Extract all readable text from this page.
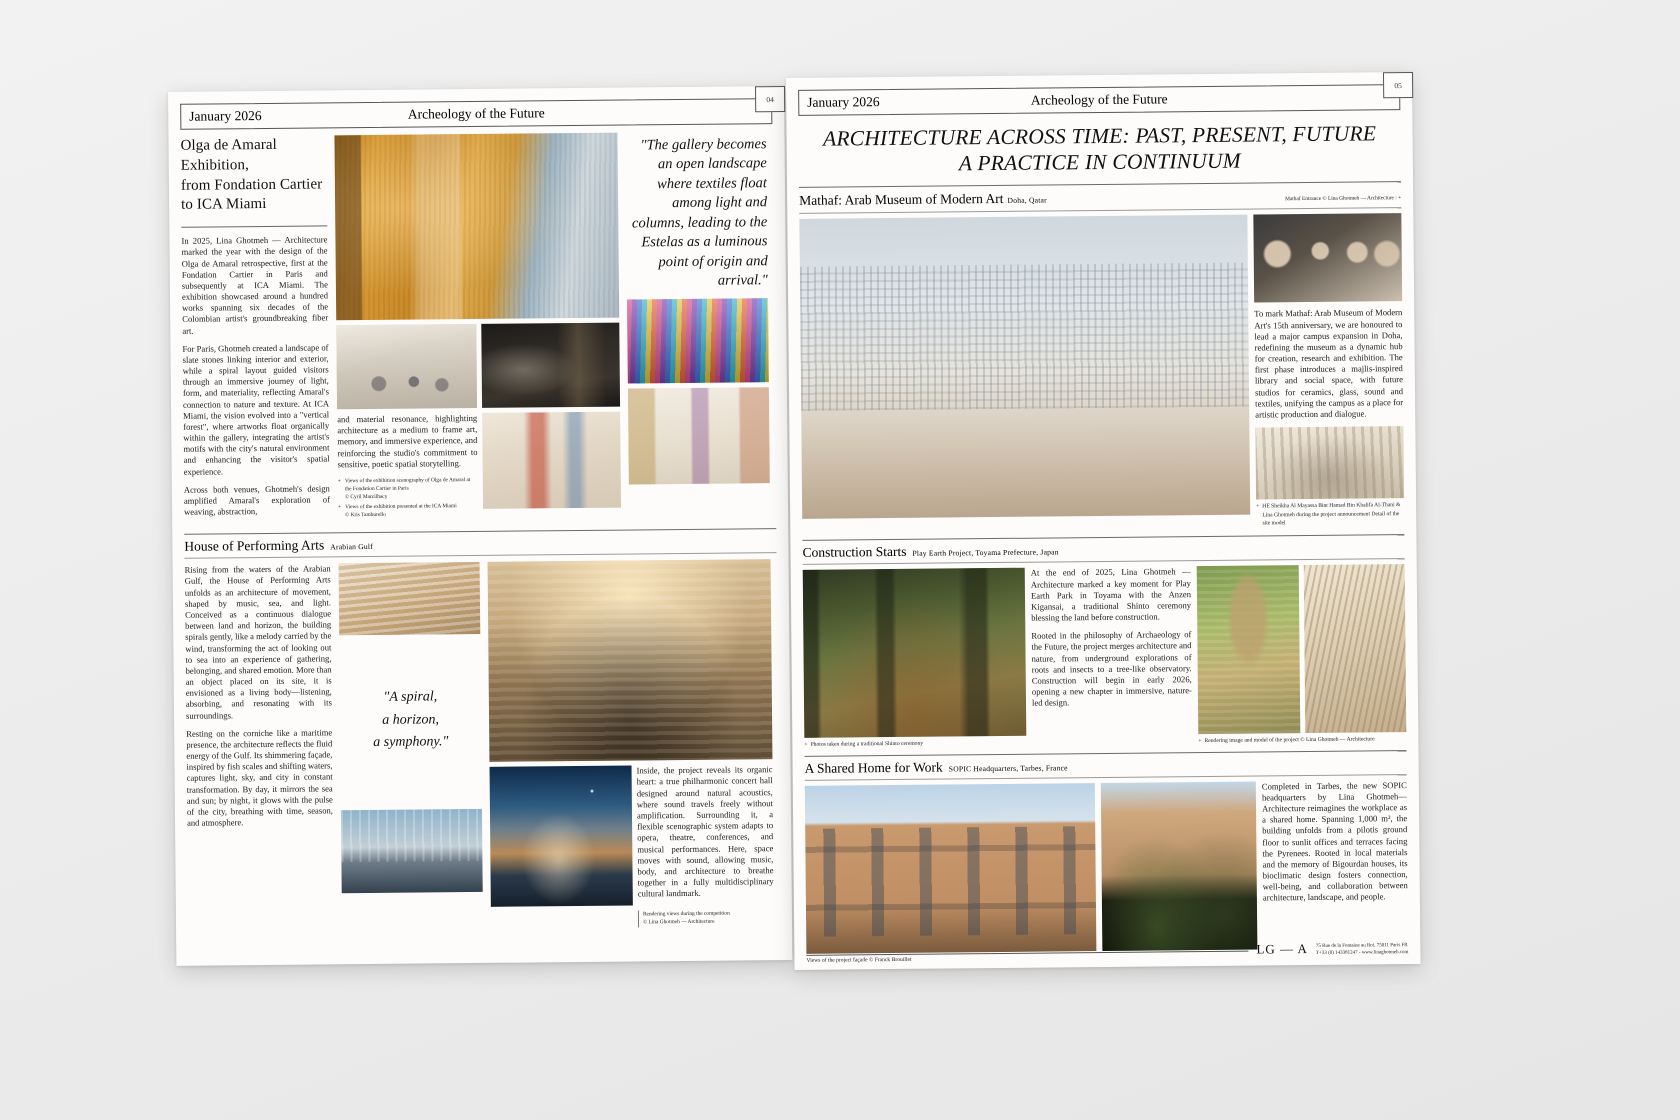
January 2026	Archeology of the Future
04
Olga de Amaral
Exhibition,
from Fondation Cartier
to ICA Miami

In 2025, Lina Ghotmeh — Architecture marked the year with the design of the Olga de Amaral retrospective, first at the Fondation Cartier in Paris and subsequently at ICA Miami. The exhibition showcased around a hundred works spanning six decades of the Colombian artist's groundbreaking fiber art.

For Paris, Ghotmeh created a landscape of slate stones linking interior and exterior, while a spiral layout guided visitors through an immersive journey of light, form, and materiality, reflecting Amaral's connection to nature and texture. At ICA Miami, the vision evolved into a "vertical forest", where artworks float organically within the gallery, integrating the artist's motifs with the city's natural environment and enhancing the visitor's spatial experience.

Across both venues, Ghotmeh's design amplified Amaral's exploration of weaving, abstraction,

and material resonance, highlighting architecture as a medium to frame art, memory, and immersive experience, and reinforcing the studio's commitment to sensitive, poetic spatial storytelling.

+ Views of the exhibition scenography of Olga de Amaral at the Fondation Cartier in Paris
© Cyril Marcilhacy
+ Views of the exhibition presented at the ICA Miami
© Kris Tamburello
"The gallery becomes an open landscape where textiles float among light and columns, leading to the Estelas as a luminous point of origin and arrival."
House of Performing Arts Arabian Gulf

Rising from the waters of the Arabian Gulf, the House of Performing Arts unfolds as an architecture of movement, shaped by music, sea, and light. Conceived as a continuous dialogue between land and horizon, the building spirals gently, like a melody carried by the wind, transforming the act of looking out to sea into an experience of gathering, belonging, and shared emotion. More than an object placed on its site, it is envisioned as a living body—listening, absorbing, and resonating with its surroundings.

Resting on the corniche like a maritime presence, the architecture reflects the fluid energy of the Gulf. Its shimmering façade, inspired by fish scales and shifting waters, captures light, sky, and city in constant transformation. By day, it mirrors the sea and sun; by night, it glows with the pulse of the city, breathing with time, season, and atmosphere.

"A spiral,
a horizon,
a symphony."

Inside, the project reveals its organic heart: a true philharmonic concert hall designed around natural acoustics, where sound travels freely without amplification. Surrounding it, a flexible scenographic system adapts to opera, theatre, conferences, and musical performances. Here, space moves with sound, allowing music, body, and architecture to breathe together in a fully multidisciplinary cultural landmark.

Rendering views during the competition
© Lina Ghotmeh — Architecture
January 2026	Archeology of the Future
05
ARCHITECTURE ACROSS TIME: PAST, PRESENT, FUTURE
A PRACTICE IN CONTINUUM
Mathaf: Arab Museum of Modern Art Doha, Qatar	Mathaf Entrance © Lina Ghotmeh — Architecture : +

To mark Mathaf: Arab Museum of Modern Art's 15th anniversary, we are honoured to lead a major campus expansion in Doha, redefining the museum as a dynamic hub for creation, research and exhibition. The first phase introduces a majlis-inspired library and social space, with future studios for ceramics, glass, sound and textiles, unifying the campus as a place for artistic production and dialogue.

+ HE Sheikha Al Mayassa Bint Hamad Bin Khalifa Al-Thani & Lina Ghotmeh during the project announcement Detail of the site model
Construction Starts Play Earth Project, Toyama Prefecture, Japan
+ Photos taken during a traditional Shinto ceremony

At the end of 2025, Lina Ghotmeh — Architecture marked a key moment for Play Earth Park in Toyama with the Anzen Kigansai, a traditional Shinto ceremony blessing the land before construction.

Rooted in the philosophy of Archaeology of the Future, the project merges architecture and nature, from underground explorations of roots and insects to a tree-like observatory. Construction will begin in early 2026, opening a new chapter in immersive, nature-led design.

+ Rendering image and model of the project © Lina Ghotmeh — Architecture
A Shared Home for Work SOPIC Headquarters, Tarbes, France

Completed in Tarbes, the new SOPIC headquarters by Lina Ghotmeh—Architecture reimagines the workplace as a shared home. Spanning 1,000 m², the building unfolds from a pilotis ground floor to sunlit offices and terraces facing the Pyrenees. Rooted in local materials and the memory of Bigourdan houses, its bioclimatic design fosters connection, well-being, and collaboration between architecture, landscape, and people.

Views of the project façade © Franck Brouillet
LG — A 75 Rue de la Fontaine au Roi, 75011 Paris FR
T+33 (0) 143381247 - www.linaghotmeh.com
